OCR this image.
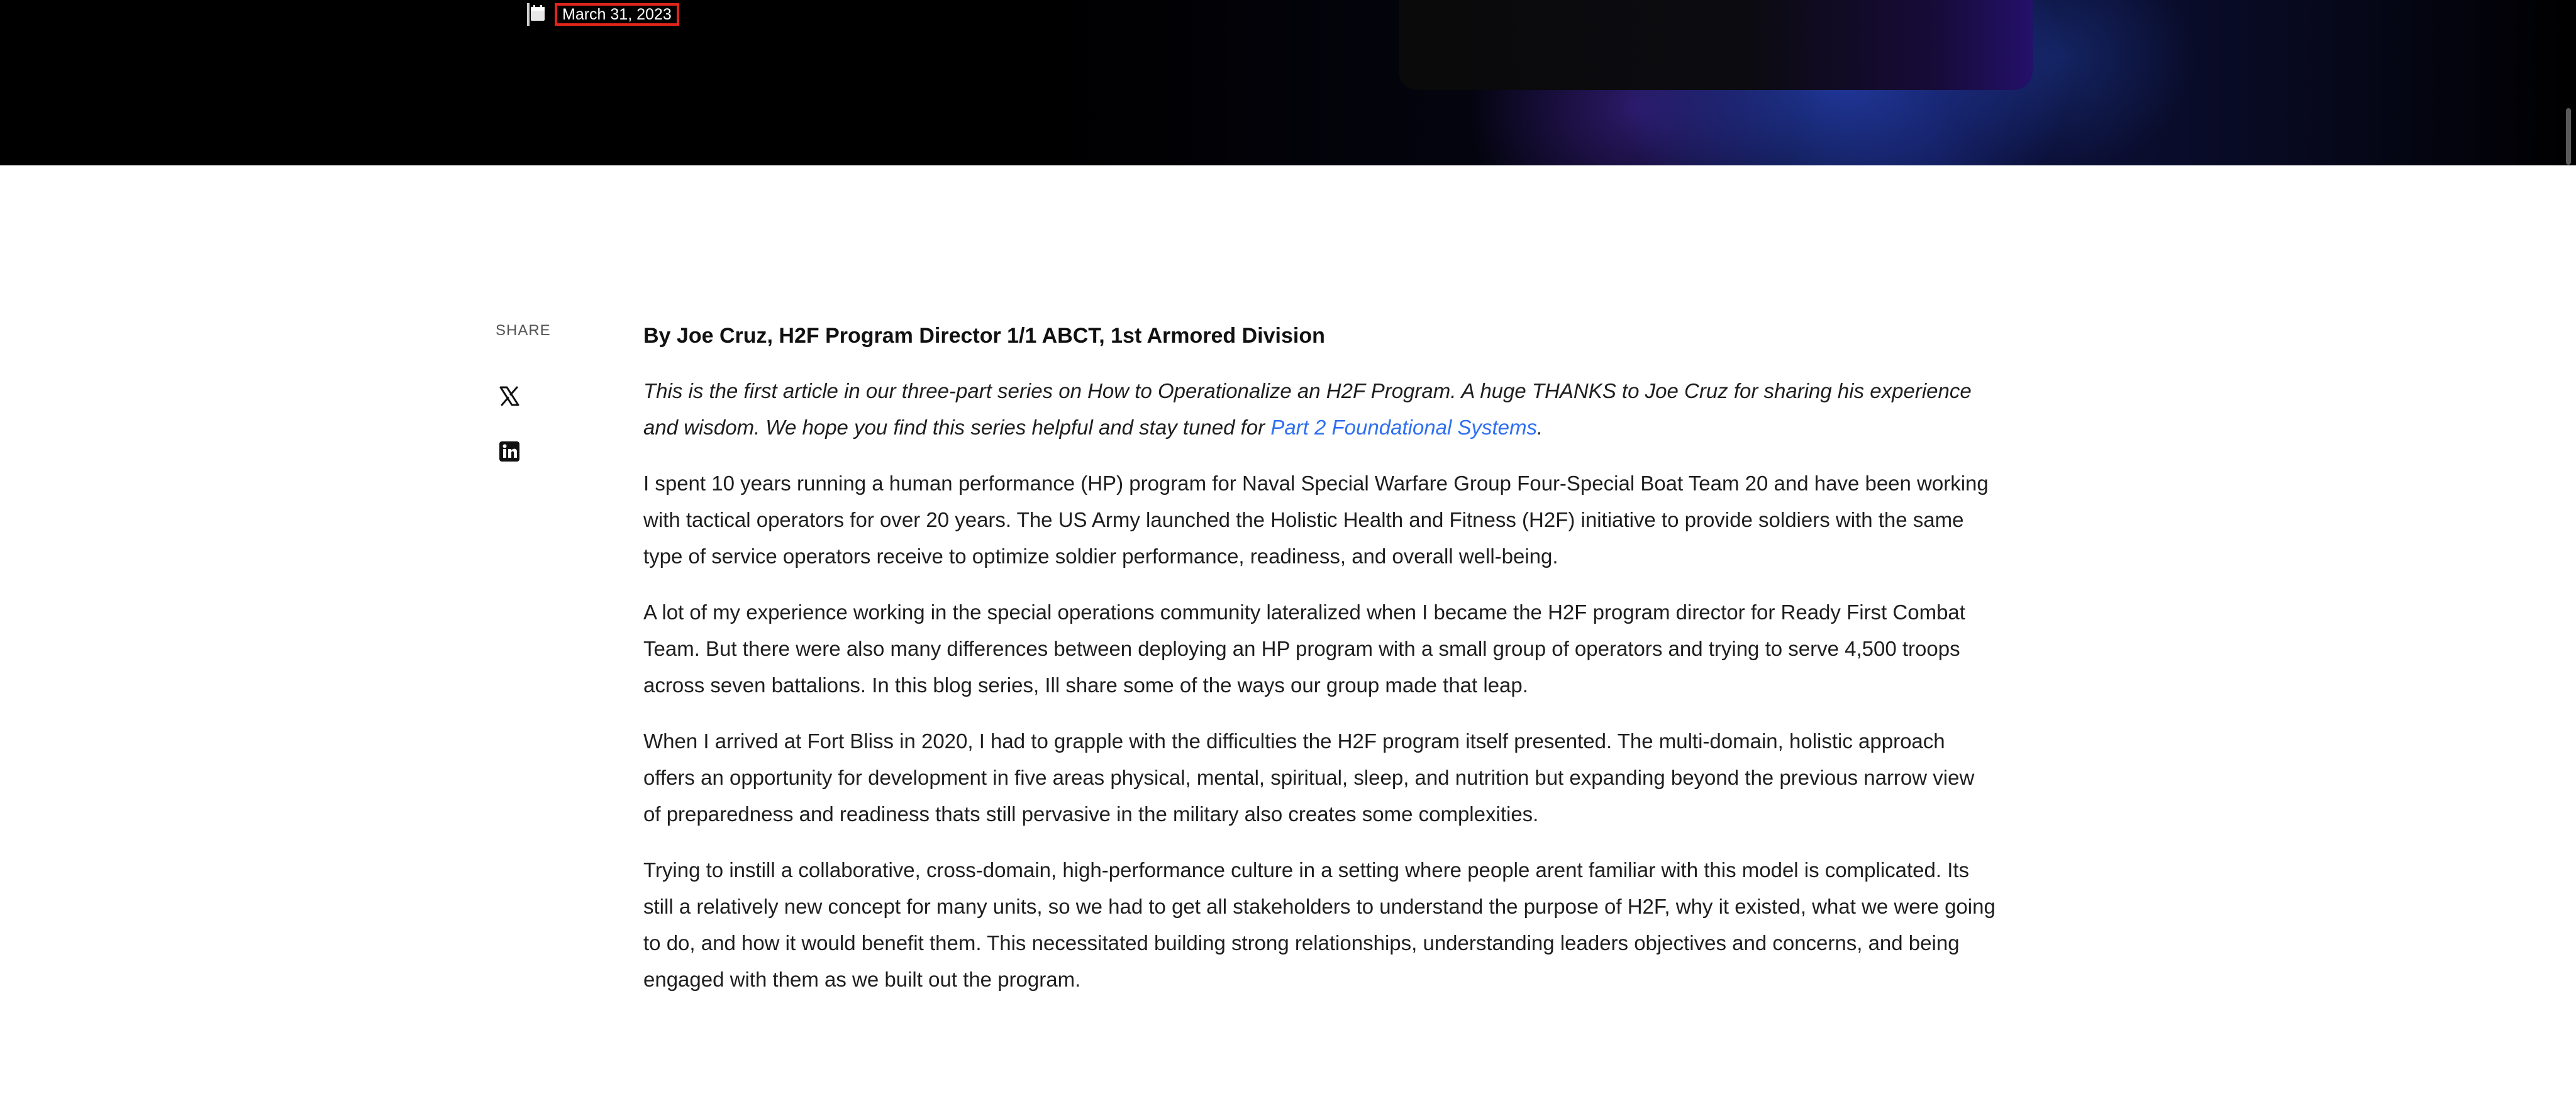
March 31, 2023
SHARE	By Joe Cruz, H2F Program Director 1/1 ABCT, 1st Armored Division

This is the first article in our three-part series on How to Operationalize an H2F Program. A huge THANKS to Joe Cruz for sharing his experience and wisdom. We hope you find this series helpful and stay tuned for Part 2 Foundational Systems.

I spent 10 years running a human performance (HP) program for Naval Special Warfare Group Four-Special Boat Team 20 and have been working with tactical operators for over 20 years. The US Army launched the Holistic Health and Fitness (H2F) initiative to provide soldiers with the same type of service operators receive to optimize soldier performance, readiness, and overall well-being.

A lot of my experience working in the special operations community lateralized when I became the H2F program director for Ready First Combat Team. But there were also many differences between deploying an HP program with a small group of operators and trying to serve 4,500 troops across seven battalions. In this blog series, Ill share some of the ways our group made that leap.

When I arrived at Fort Bliss in 2020, I had to grapple with the difficulties the H2F program itself presented. The multi-domain, holistic approach offers an opportunity for development in five areas physical, mental, spiritual, sleep, and nutrition but expanding beyond the previous narrow view of preparedness and readiness thats still pervasive in the military also creates some complexities.

Trying to instill a collaborative, cross-domain, high-performance culture in a setting where people arent familiar with this model is complicated. Its still a relatively new concept for many units, so we had to get all stakeholders to understand the purpose of H2F, why it existed, what we were going to do, and how it would benefit them. This necessitated building strong relationships, understanding leaders objectives and concerns, and being engaged with them as we built out the program.
